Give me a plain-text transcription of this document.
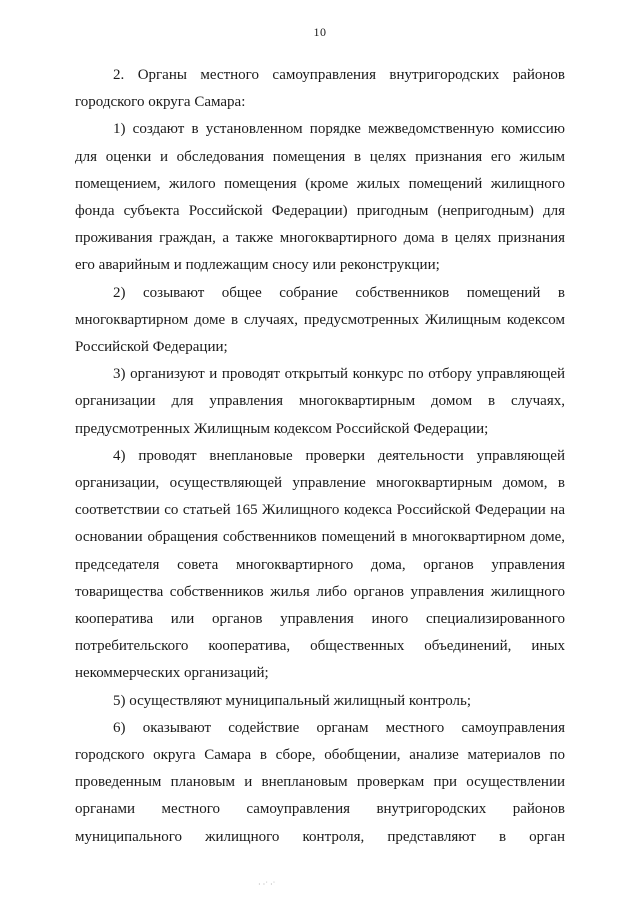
10

2. Органы местного самоуправления внутригородских районов городского округа Самара:

1) создают в установленном порядке межведомственную комиссию для оценки и обследования помещения в целях признания его жилым помещением, жилого помещения (кроме жилых помещений жилищного фонда субъекта Российской Федерации) пригодным (непригодным) для проживания граждан, а также многоквартирного дома в целях признания его аварийным и подлежащим сносу или реконструкции;

2) созывают общее собрание собственников помещений в многоквартирном доме в случаях, предусмотренных Жилищным кодексом Российской Федерации;

3) организуют и проводят открытый конкурс по отбору управляющей организации для управления многоквартирным домом в случаях, предусмотренных Жилищным кодексом Российской Федерации;

4) проводят внеплановые проверки деятельности управляющей организации, осуществляющей управление многоквартирным домом, в соответствии со статьей 165 Жилищного кодекса Российской Федерации на основании обращения собственников помещений в многоквартирном доме, председателя совета многоквартирного дома, органов управления товарищества собственников жилья либо органов управления жилищного кооператива или органов управления иного специализированного потребительского кооператива, общественных объединений, иных некоммерческих организаций;

5) осуществляют муниципальный жилищный контроль;

6) оказывают содействие органам местного самоуправления городского округа Самара в сборе, обобщении, анализе материалов по проведенным плановым и внеплановым проверкам при осуществлении органами местного самоуправления внутригородских районов муниципального жилищного контроля, представляют в орган

· ·˙ ·˙
